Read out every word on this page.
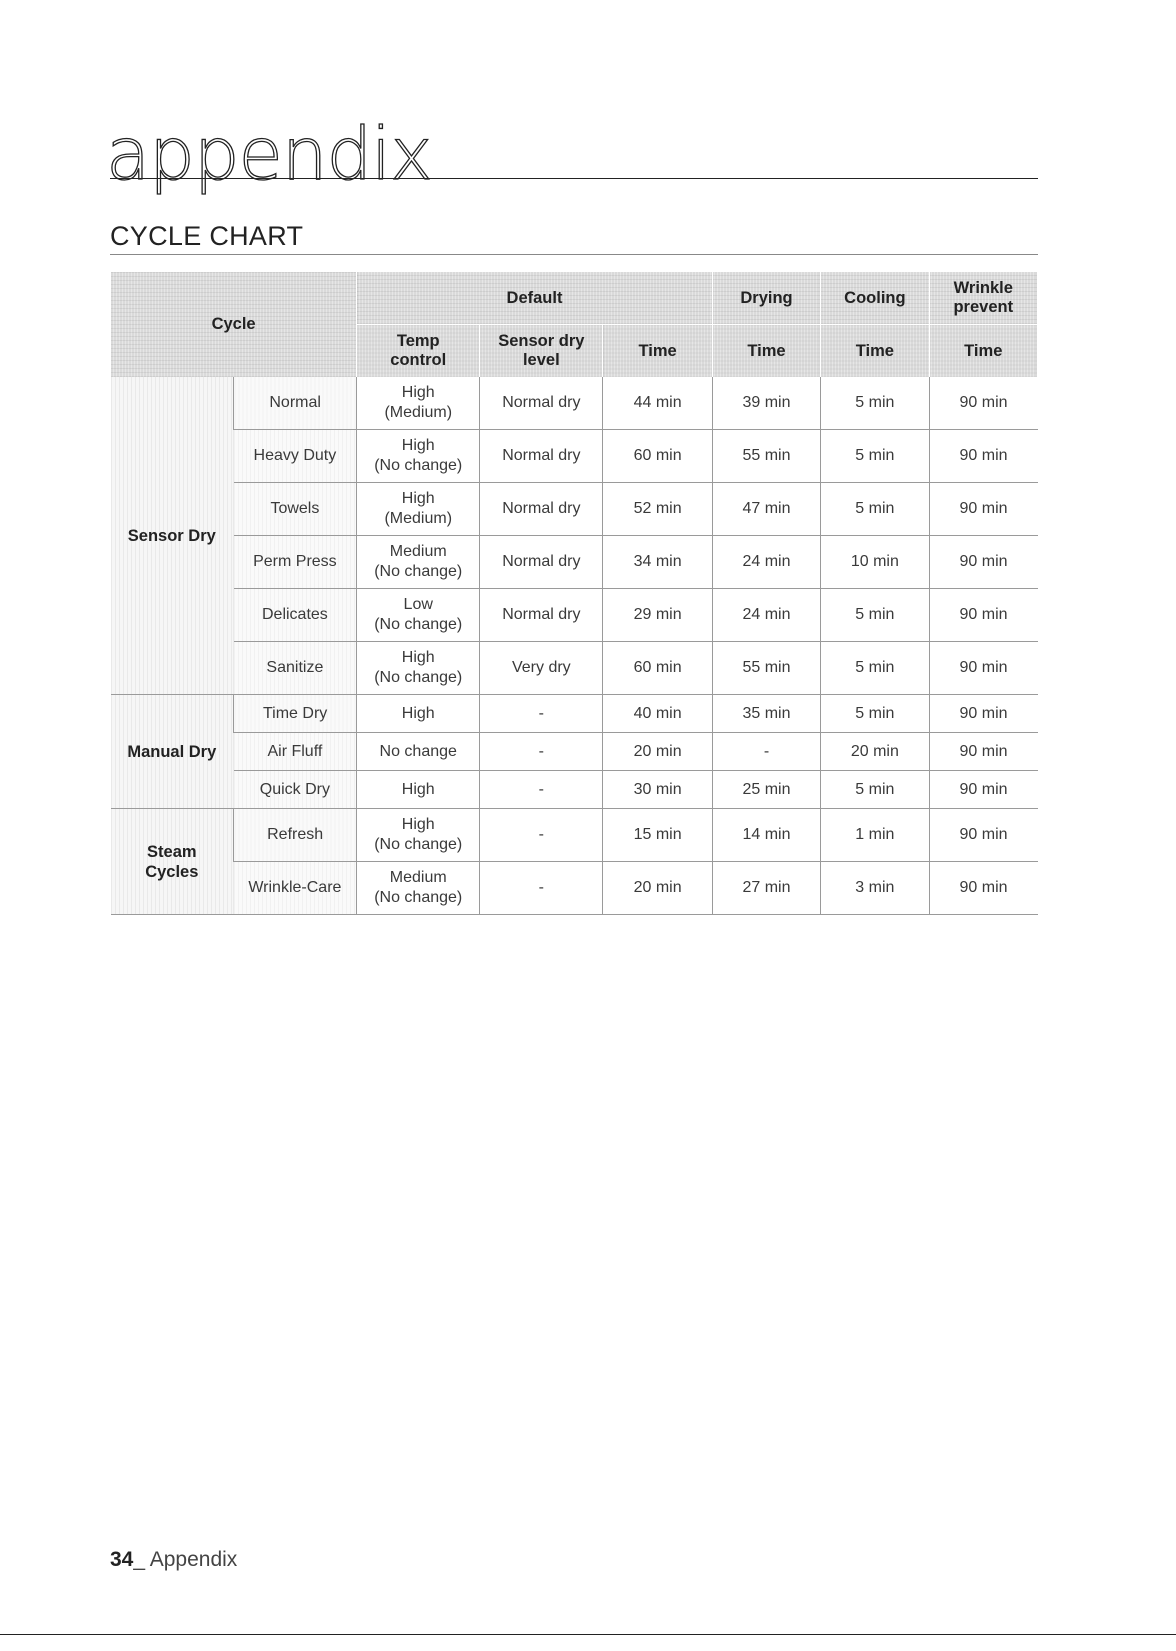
appendix
CYCLE CHART
Cycle		Default			Drying	Cooling	Wrinkle
prevent

		Temp
control	Sensor dry
level	Time	Time	Time	Time
Sensor Dry	Normal	High
(Medium)	Normal dry	44 min	39 min	5 min	90 min
	Heavy Duty	High
(No change)	Normal dry	60 min	55 min	5 min	90 min
	Towels	High
(Medium)	Normal dry	52 min	47 min	5 min	90 min
	Perm Press	Medium
(No change)	Normal dry	34 min	24 min	10 min	90 min
	Delicates	Low
(No change)	Normal dry	29 min	24 min	5 min	90 min
	Sanitize	High
(No change)	Very dry	60 min	55 min	5 min	90 min
Manual Dry	Time Dry	High	-	40 min	35 min	5 min	90 min
	Air Fluff	No change	-	20 min	-	20 min	90 min
	Quick Dry	High	-	30 min	25 min	5 min	90 min

Steam
Cycles	Refresh	High
(No change)	-	15 min	14 min	1 min	90 min
	Wrinkle-Care	Medium
(No change)	-	20 min	27 min	3 min	90 min
34_ Appendix
